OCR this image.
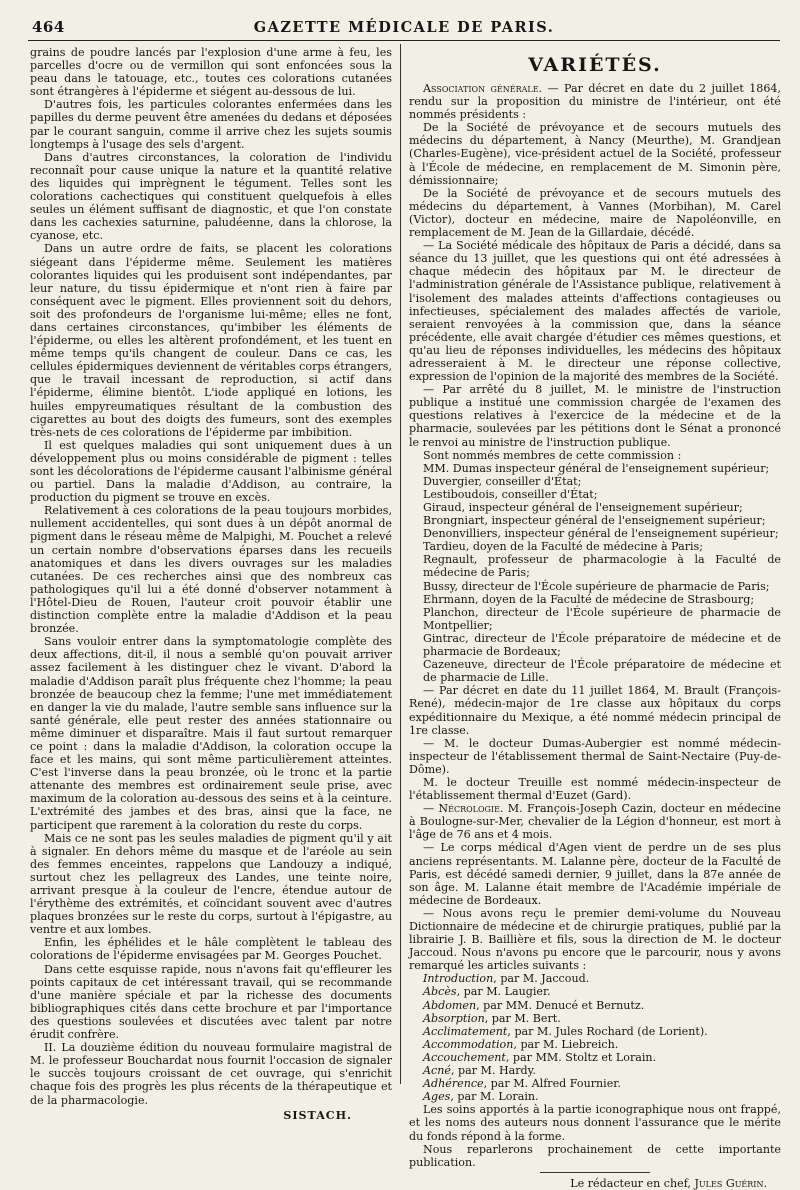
464	GAZETTE MÉDICALE DE PARIS.

grains de poudre lancés par l'explosion d'une arme à feu, les parcelles d'ocre ou de vermillon qui sont enfoncées sous la peau dans le tatouage, etc., toutes ces colorations cutanées sont étrangères à l'épiderme et siégent au-dessous de lui.

D'autres fois, les particules colorantes enfermées dans les papilles du derme peuvent être amenées du dedans et déposées par le courant sanguin, comme il arrive chez les sujets soumis longtemps à l'usage des sels d'argent.

Dans d'autres circonstances, la coloration de l'individu reconnaît pour cause unique la nature et la quantité relative des liquides qui imprègnent le tégument. Telles sont les colorations cachectiques qui constituent quelquefois à elles seules un élément suffisant de diagnostic, et que l'on constate dans les cachexies saturnine, paludéenne, dans la chlorose, la cyanose, etc.

Dans un autre ordre de faits, se placent les colorations siégeant dans l'épiderme même. Seulement les matières colorantes liquides qui les produisent sont indépendantes, par leur nature, du tissu épidermique et n'ont rien à faire par conséquent avec le pigment. Elles proviennent soit du dehors, soit des profondeurs de l'organisme lui-même; elles ne font, dans certaines circonstances, qu'imbiber les éléments de l'épiderme, ou elles les altèrent profondément, et les tuent en même temps qu'ils changent de couleur. Dans ce cas, les cellules épidermiques deviennent de véritables corps étrangers, que le travail incessant de reproduction, si actif dans l'épiderme, élimine bientôt. L'iode appliqué en lotions, les huiles empyreumatiques résultant de la combustion des cigarettes au bout des doigts des fumeurs, sont des exemples très-nets de ces colorations de l'épiderme par imbibition.

Il est quelques maladies qui sont uniquement dues à un développement plus ou moins considérable de pigment : telles sont les décolorations de l'épiderme causant l'albinisme général ou partiel. Dans la maladie d'Addison, au contraire, la production du pigment se trouve en excès.

Relativement à ces colorations de la peau toujours morbides, nullement accidentelles, qui sont dues à un dépôt anormal de pigment dans le réseau même de Malpighi, M. Pouchet a relevé un certain nombre d'observations éparses dans les recueils anatomiques et dans les divers ouvrages sur les maladies cutanées. De ces recherches ainsi que des nombreux cas pathologiques qu'il lui a été donné d'observer notamment à l'Hôtel-Dieu de Rouen, l'auteur croit pouvoir établir une distinction complète entre la maladie d'Addison et la peau bronzée.

Sans vouloir entrer dans la symptomatologie complète des deux affections, dit-il, il nous a semblé qu'on pouvait arriver assez facilement à les distinguer chez le vivant. D'abord la maladie d'Addison paraît plus fréquente chez l'homme; la peau bronzée de beaucoup chez la femme; l'une met immédiatement en danger la vie du malade, l'autre semble sans influence sur la santé générale, elle peut rester des années stationnaire ou même diminuer et disparaître. Mais il faut surtout remarquer ce point : dans la maladie d'Addison, la coloration occupe la face et les mains, qui sont même particulièrement atteintes. C'est l'inverse dans la peau bronzée, où le tronc et la partie attenante des membres est ordinairement seule prise, avec maximum de la coloration au-dessous des seins et à la ceinture. L'extrémité des jambes et des bras, ainsi que la face, ne participent que rarement à la coloration du reste du corps.

Mais ce ne sont pas les seules maladies de pigment qu'il y ait à signaler. En dehors même du masque et de l'aréole au sein des femmes enceintes, rappelons que Landouzy a indiqué, surtout chez les pellagreux des Landes, une teinte noire, arrivant presque à la couleur de l'encre, étendue autour de l'érythème des extrémités, et coïncidant souvent avec d'autres plaques bronzées sur le reste du corps, surtout à l'épigastre, au ventre et aux lombes.

Enfin, les éphélides et le hâle complètent le tableau des colorations de l'épiderme envisagées par M. Georges Pouchet.

Dans cette esquisse rapide, nous n'avons fait qu'effleurer les points capitaux de cet intéressant travail, qui se recommande d'une manière spéciale et par la richesse des documents bibliographiques cités dans cette brochure et par l'importance des questions soulevées et discutées avec talent par notre érudit confrère.

II. La douzième édition du nouveau formulaire magistral de M. le professeur Bouchardat nous fournit l'occasion de signaler le succès toujours croissant de cet ouvrage, qui s'enrichit chaque fois des progrès les plus récents de la thérapeutique et de la pharmacologie.

SISTACH.
VARIÉTÉS.

Association générale. — Par décret en date du 2 juillet 1864, rendu sur la proposition du ministre de l'intérieur, ont été nommés présidents :

De la Société de prévoyance et de secours mutuels des médecins du département, à Nancy (Meurthe), M. Grandjean (Charles-Eugène), vice-président actuel de la Société, professeur à l'École de médecine, en remplacement de M. Simonin père, démissionnaire;

De la Société de prévoyance et de secours mutuels des médecins du département, à Vannes (Morbihan), M. Carel (Victor), docteur en médecine, maire de Napoléonville, en remplacement de M. Jean de la Gillardaie, décédé.

— La Société médicale des hôpitaux de Paris a décidé, dans sa séance du 13 juillet, que les questions qui ont été adressées à chaque médecin des hôpitaux par M. le directeur de l'administration générale de l'Assistance publique, relativement à l'isolement des malades atteints d'affections contagieuses ou infectieuses, spécialement des malades affectés de variole, seraient renvoyées à la commission que, dans la séance précédente, elle avait chargée d'étudier ces mêmes questions, et qu'au lieu de réponses individuelles, les médecins des hôpitaux adresseraient à M. le directeur une réponse collective, expression de l'opinion de la majorité des membres de la Société.

— Par arrêté du 8 juillet, M. le ministre de l'instruction publique a institué une commission chargée de l'examen des questions relatives à l'exercice de la médecine et de la pharmacie, soulevées par les pétitions dont le Sénat a prononcé le renvoi au ministre de l'instruction publique.

Sont nommés membres de cette commission :

MM. Dumas inspecteur général de l'enseignement supérieur;

Duvergier, conseiller d'État;

Lestiboudois, conseiller d'État;

Giraud, inspecteur général de l'enseignement supérieur;

Brongniart, inspecteur général de l'enseignement supérieur;

Denonvilliers, inspecteur général de l'enseignement supérieur;

Tardieu, doyen de la Faculté de médecine à Paris;

Regnault, professeur de pharmacologie à la Faculté de médecine de Paris;

Bussy, directeur de l'École supérieure de pharmacie de Paris;

Ehrmann, doyen de la Faculté de médecine de Strasbourg;

Planchon, directeur de l'École supérieure de pharmacie de Montpellier;

Gintrac, directeur de l'École préparatoire de médecine et de pharmacie de Bordeaux;

Cazeneuve, directeur de l'École préparatoire de médecine et de pharmacie de Lille.

— Par décret en date du 11 juillet 1864, M. Brault (François-René), médecin-major de 1re classe aux hôpitaux du corps expéditionnaire du Mexique, a été nommé médecin principal de 1re classe.

— M. le docteur Dumas-Aubergier est nommé médecin-inspecteur de l'établissement thermal de Saint-Nectaire (Puy-de-Dôme).

M. le docteur Treuille est nommé médecin-inspecteur de l'établissement thermal d'Euzet (Gard).

— Nécrologie. M. François-Joseph Cazin, docteur en médecine à Boulogne-sur-Mer, chevalier de la Légion d'honneur, est mort à l'âge de 76 ans et 4 mois.

— Le corps médical d'Agen vient de perdre un de ses plus anciens représentants. M. Lalanne père, docteur de la Faculté de Paris, est décédé samedi dernier, 9 juillet, dans la 87e année de son âge. M. Lalanne était membre de l'Académie impériale de médecine de Bordeaux.

— Nous avons reçu le premier demi-volume du Nouveau Dictionnaire de médecine et de chirurgie pratiques, publié par la librairie J. B. Baillière et fils, sous la direction de M. le docteur Jaccoud. Nous n'avons pu encore que le parcourir, nous y avons remarqué les articles suivants :

Introduction, par M. Jaccoud.

Abcès, par M. Laugier.

Abdomen, par MM. Denucé et Bernutz.

Absorption, par M. Bert.

Acclimatement, par M. Jules Rochard (de Lorient).

Accommodation, par M. Liebreich.

Accouchement, par MM. Stoltz et Lorain.

Acné, par M. Hardy.

Adhérence, par M. Alfred Fournier.

Ages, par M. Lorain.

Les soins apportés à la partie iconographique nous ont frappé, et les noms des auteurs nous donnent l'assurance que le mérite du fonds répond à la forme.

Nous reparlerons prochainement de cette importante publication.

Le rédacteur en chef, Jules Guérin.
